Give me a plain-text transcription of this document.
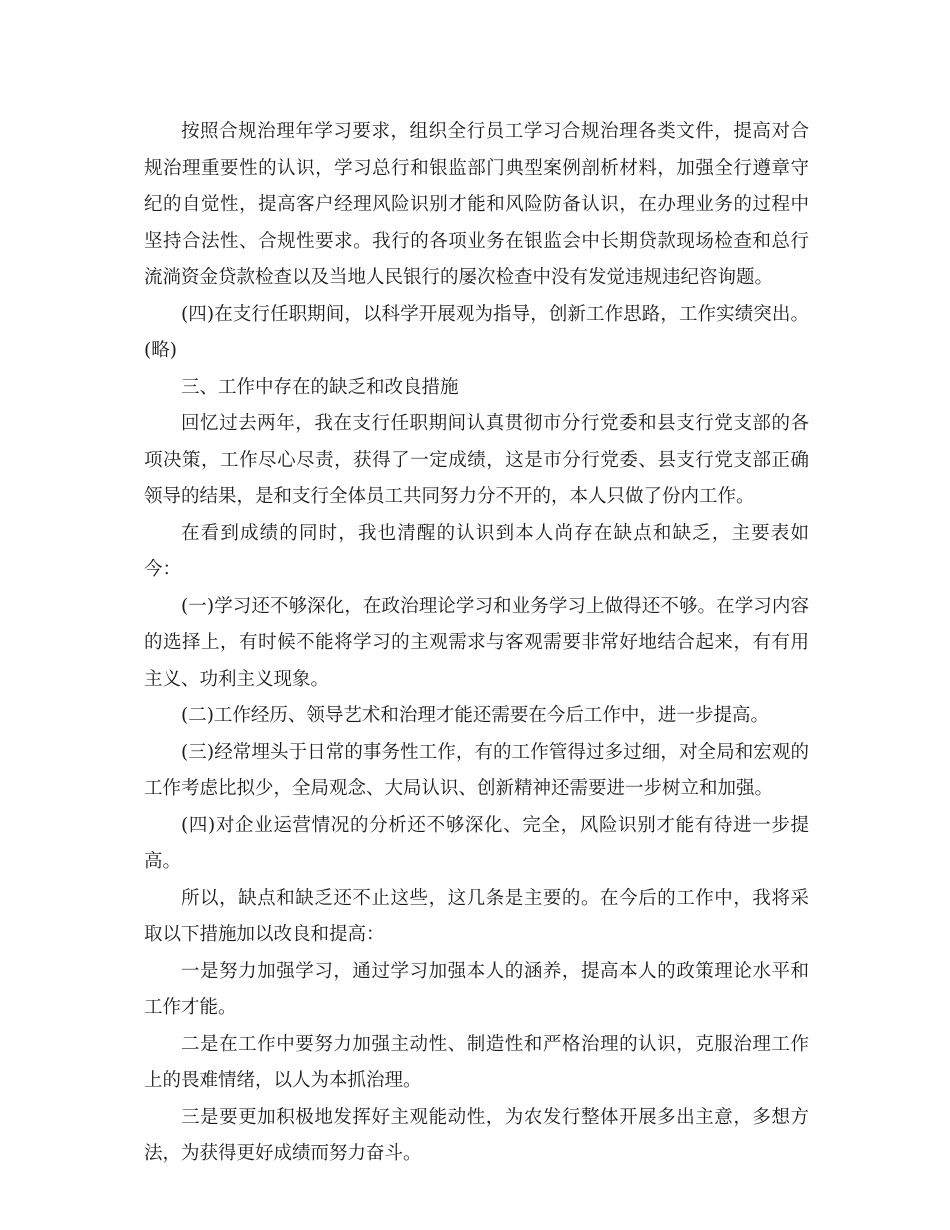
按照合规治理年学习要求，组织全行员工学习合规治理各类文件，提高对合规治理重要性的认识，学习总行和银监部门典型案例剖析材料，加强全行遵章守纪的自觉性，提高客户经理风险识别才能和风险防备认识，在办理业务的过程中坚持合法性、合规性要求。我行的各项业务在银监会中长期贷款现场检查和总行流淌资金贷款检查以及当地人民银行的屡次检查中没有发觉违规违纪咨询题。

(四)在支行任职期间，以科学开展观为指导，创新工作思路，工作实绩突出。(略)

三、工作中存在的缺乏和改良措施

回忆过去两年，我在支行任职期间认真贯彻市分行党委和县支行党支部的各项决策，工作尽心尽责，获得了一定成绩，这是市分行党委、县支行党支部正确领导的结果，是和支行全体员工共同努力分不开的，本人只做了份内工作。

在看到成绩的同时，我也清醒的认识到本人尚存在缺点和缺乏，主要表如今：

(一)学习还不够深化，在政治理论学习和业务学习上做得还不够。在学习内容的选择上，有时候不能将学习的主观需求与客观需要非常好地结合起来，有有用主义、功利主义现象。

(二)工作经历、领导艺术和治理才能还需要在今后工作中，进一步提高。

(三)经常埋头于日常的事务性工作，有的工作管得过多过细，对全局和宏观的工作考虑比拟少，全局观念、大局认识、创新精神还需要进一步树立和加强。

(四)对企业运营情况的分析还不够深化、完全，风险识别才能有待进一步提高。

所以，缺点和缺乏还不止这些，这几条是主要的。在今后的工作中，我将采取以下措施加以改良和提高：

一是努力加强学习，通过学习加强本人的涵养，提高本人的政策理论水平和工作才能。

二是在工作中要努力加强主动性、制造性和严格治理的认识，克服治理工作上的畏难情绪，以人为本抓治理。

三是要更加积极地发挥好主观能动性，为农发行整体开展多出主意，多想方法，为获得更好成绩而努力奋斗。
